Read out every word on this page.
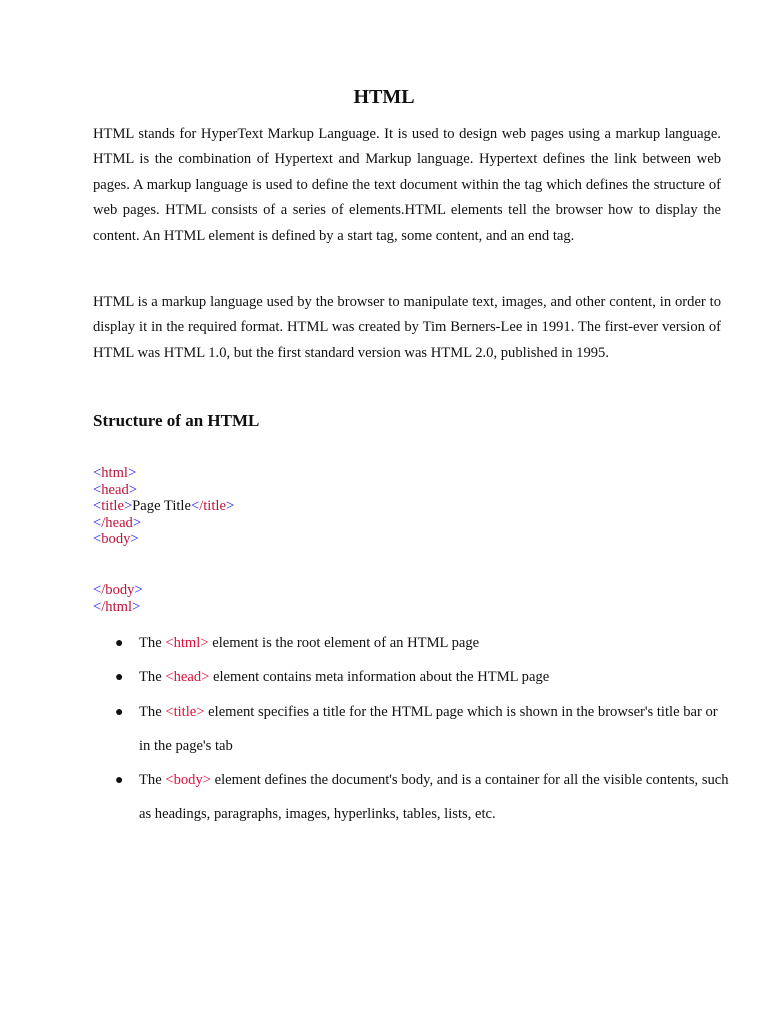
HTML

HTML stands for HyperText Markup Language. It is used to design web pages using a markup language. HTML is the combination of Hypertext and Markup language. Hypertext defines the link between web pages. A markup language is used to define the text document within the tag which defines the structure of web pages. HTML consists of a series of elements.HTML elements tell the browser how to display the content. An HTML element is defined by a start tag, some content, and an end tag.

HTML is a markup language used by the browser to manipulate text, images, and other content, in order to display it in the required format. HTML was created by Tim Berners-Lee in 1991. The first-ever version of HTML was HTML 1.0, but the first standard version was HTML 2.0, published in 1995.

Structure of an HTML
<html>
<head>
<title>Page Title</title>
</head>
<body>
</body>
</html>
● The <html> element is the root element of an HTML page
● The <head> element contains meta information about the HTML page
● The <title> element specifies a title for the HTML page which is shown in the browser's title bar or in the page's tab
● The <body> element defines the document's body, and is a container for all the visible contents, such as headings, paragraphs, images, hyperlinks, tables, lists, etc.
